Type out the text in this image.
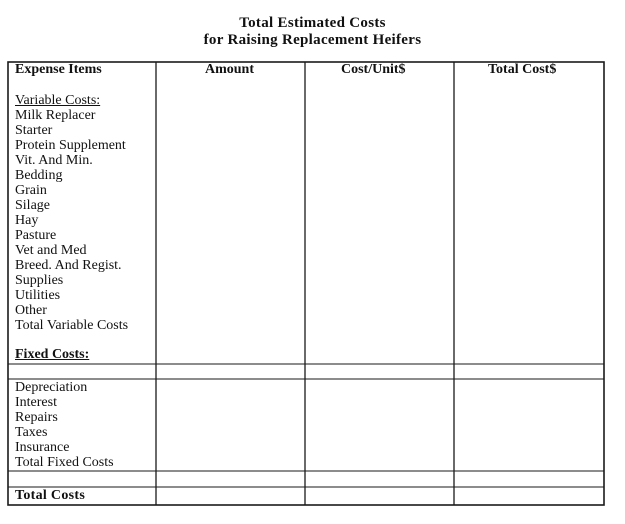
Total Estimated Costs
for Raising Replacement Heifers
Expense Items	Amount	Cost/Unit$	Total Cost$
Variable Costs:
Milk Replacer
Starter
Protein Supplement
Vit. And Min.
Bedding
Grain
Silage
Hay
Pasture
Vet and Med
Breed. And Regist.
Supplies
Utilities
Other
Total Variable Costs
Fixed Costs:
Depreciation
Interest
Repairs
Taxes
Insurance
Total Fixed Costs
Total Costs
